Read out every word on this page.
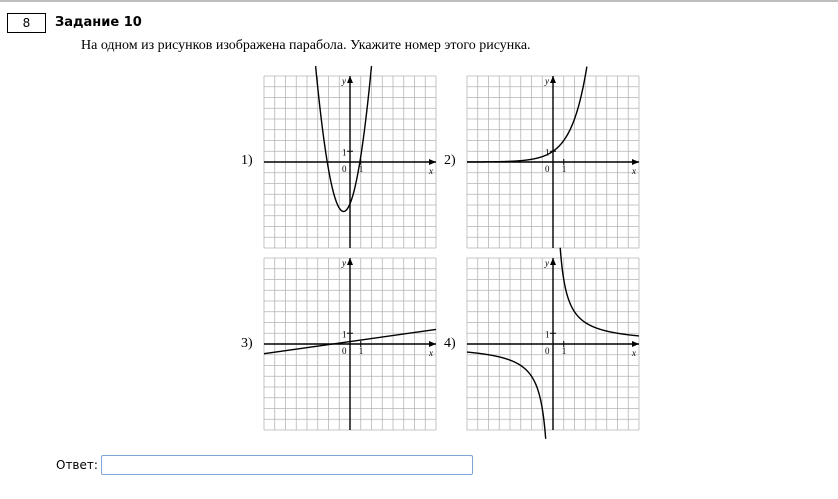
8	Задание 10
На одном из рисунков изображена парабола. Укажите номер этого рисунка.
1)
y
x
0 1
1
2)
y
x
0 1
1
3)
y
x
0 1
1
4)
y
x
0 1
1
Ответ:
